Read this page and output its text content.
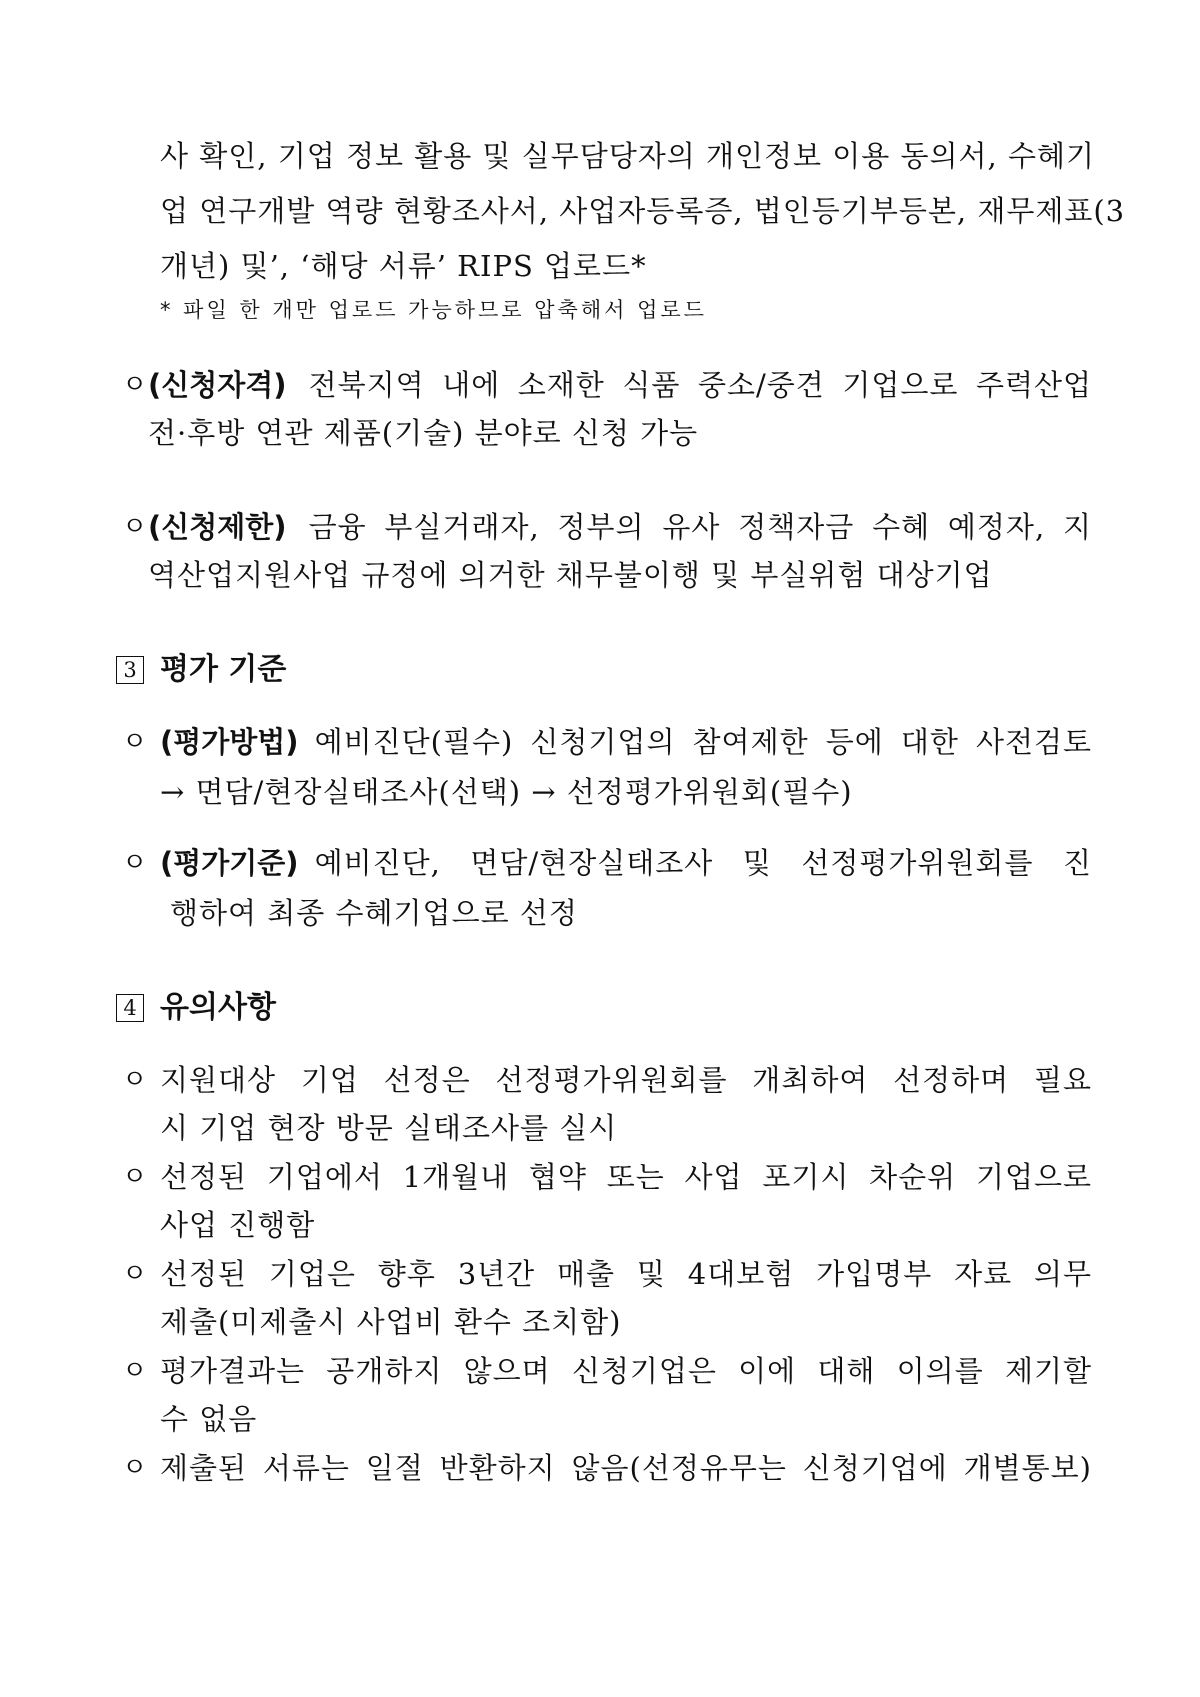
사 확인, 기업 정보 활용 및 실무담당자의 개인정보 이용 동의서, 수혜기
업 연구개발 역량 현황조사서, 사업자등록증, 법인등기부등본, 재무제표(3
개년) 및’, ‘해당 서류’ RIPS 업로드*
* 파일 한 개만 업로드 가능하므로 압축해서 업로드
ㅇ (신청자격) 전북지역 내에 소재한 식품 중소/중견 기업으로 주력산업
전·후방 연관 제품(기술) 분야로 신청 가능
ㅇ (신청제한) 금융 부실거래자, 정부의 유사 정책자금 수혜 예정자, 지
역산업지원사업 규정에 의거한 채무불이행 및 부실위험 대상기업
3 평가 기준
ㅇ (평가방법) 예비진단(필수) 신청기업의 참여제한 등에 대한 사전검토
→ 면담/현장실태조사(선택) → 선정평가위원회(필수)
ㅇ (평가기준) 예비진단, 면담/현장실태조사 및 선정평가위원회를 진
행하여 최종 수혜기업으로 선정
4 유의사항
ㅇ 지원대상 기업 선정은 선정평가위원회를 개최하여 선정하며 필요
시 기업 현장 방문 실태조사를 실시
ㅇ 선정된 기업에서 1개월내 협약 또는 사업 포기시 차순위 기업으로
사업 진행함
ㅇ 선정된 기업은 향후 3년간 매출 및 4대보험 가입명부 자료 의무
제출(미제출시 사업비 환수 조치함)
ㅇ 평가결과는 공개하지 않으며 신청기업은 이에 대해 이의를 제기할
수 없음
ㅇ 제출된 서류는 일절 반환하지 않음(선정유무는 신청기업에 개별통보)
